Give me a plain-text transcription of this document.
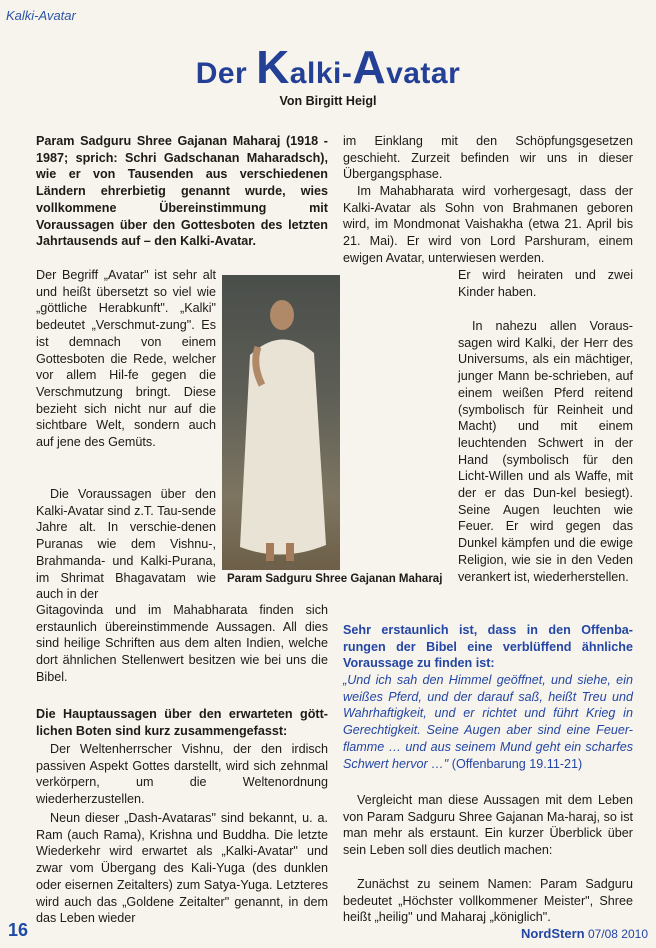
Kalki-Avatar
Der Kalki-Avatar
Von Birgitt Heigl

Param Sadguru Shree Gajanan Maharaj (1918 - 1987; sprich: Schri Gadschanan Maharadsch), wie er von Tausenden aus verschiedenen Ländern ehrerbietig genannt wurde, wies vollkommene Übereinstimmung mit Voraussagen über den Gottesboten des letzten Jahrtausends auf – den Kalki-Avatar.

Der Begriff „Avatar" ist sehr alt und heißt übersetzt so viel wie „göttliche Herabkunft". „Kalki" bedeutet „Verschmut-zung". Es ist demnach von einem Gottesboten die Rede, welcher vor allem Hil-fe gegen die Verschmutzung bringt. Diese bezieht sich nicht nur auf die sichtbare Welt, sondern auch auf jene des Gemüts.

Die Voraussagen über den Kalki-Avatar sind z.T. Tau-sende Jahre alt. In verschie-denen Puranas wie dem Vishnu-, Brahmanda- und Kalki-Purana, im Shrimat Bhagavatam wie auch in der

Gitagovinda und im Mahabharata finden sich erstaunlich übereinstimmende Aussagen. All dies sind heilige Schriften aus dem alten Indien, welche dort ähnlichen Stellenwert besitzen wie bei uns die Bibel.

Die Hauptaussagen über den erwarteten gött-lichen Boten sind kurz zusammengefasst:

Der Weltenherrscher Vishnu, der den irdisch passiven Aspekt Gottes darstellt, wird sich zehnmal verkörpern, um die Weltenordnung wiederherzustellen.

Neun dieser „Dash-Avataras" sind bekannt, u. a. Ram (auch Rama), Krishna und Buddha. Die letzte Wiederkehr wird erwartet als „Kalki-Avatar" und zwar vom Übergang des Kali-Yuga (des dunklen oder eisernen Zeitalters) zum Satya-Yuga. Letzteres wird auch das „Goldene Zeitalter" genannt, in dem das Leben wieder

Param Sadguru Shree Gajanan Maharaj

im Einklang mit den Schöpfungsgesetzen geschieht. Zurzeit befinden wir uns in dieser Übergangsphase.

Im Mahabharata wird vorhergesagt, dass der Kalki-Avatar als Sohn von Brahmanen geboren wird, im Mondmonat Vaishakha (etwa 21. April bis 21. Mai). Er wird von Lord Parshuram, einem ewigen Avatar, unterwiesen werden.

Er wird heiraten und zwei Kinder haben.

In nahezu allen Voraus-sagen wird Kalki, der Herr des Universums, als ein mächtiger, junger Mann be-schrieben, auf einem weißen Pferd reitend (symbolisch für Reinheit und Macht) und mit einem leuchtenden Schwert in der Hand (symbolisch für den Licht-Willen und als Waffe, mit der er das Dun-kel besiegt). Seine Augen leuchten wie Feuer. Er wird gegen das Dunkel kämpfen und die ewige Religion, wie sie in den Veden verankert ist, wiederherstellen.

Sehr erstaunlich ist, dass in den Offenba-rungen der Bibel eine verblüffend ähnliche Voraussage zu finden ist:

„Und ich sah den Himmel geöffnet, und siehe, ein weißes Pferd, und der darauf saß, heißt Treu und Wahrhaftigkeit, und er richtet und führt Krieg in Gerechtigkeit. Seine Augen aber sind eine Feuer-flamme … und aus seinem Mund geht ein scharfes Schwert hervor …" (Offenbarung 19.11-21)

Vergleicht man diese Aussagen mit dem Leben von Param Sadguru Shree Gajanan Ma-haraj, so ist man mehr als erstaunt. Ein kurzer Überblick über sein Leben soll dies deutlich machen:

Zunächst zu seinem Namen: Param Sadguru bedeutet „Höchster vollkommener Meister", Shree heißt „heilig" und Maharaj „königlich".

16	NordStern 07/08 2010
